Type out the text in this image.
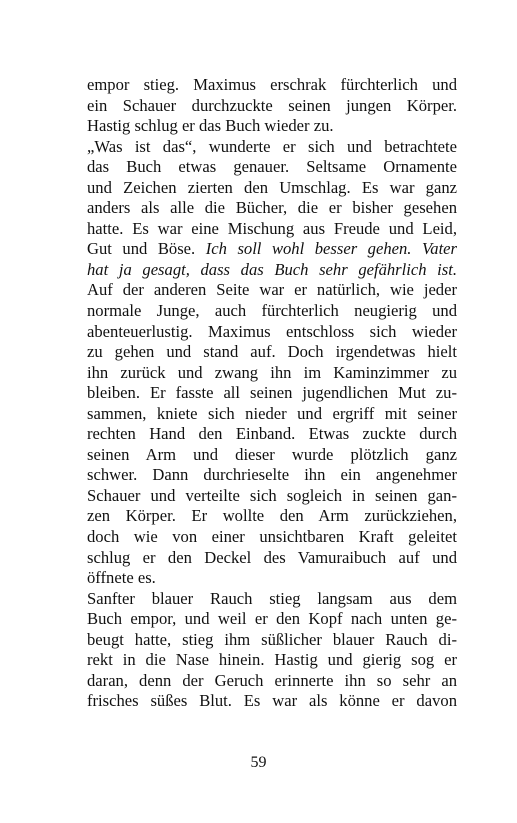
empor stieg. Maximus erschrak fürchterlich und
ein Schauer durchzuckte seinen jungen Körper.
Hastig schlug er das Buch wieder zu.
„Was ist das“, wunderte er sich und betrachtete
das Buch etwas genauer. Seltsame Ornamente
und Zeichen zierten den Umschlag. Es war ganz
anders als alle die Bücher, die er bisher gesehen
hatte. Es war eine Mischung aus Freude und Leid,
Gut und Böse. Ich soll wohl besser gehen. Vater
hat ja gesagt, dass das Buch sehr gefährlich ist.
Auf der anderen Seite war er natürlich, wie jeder
normale Junge, auch fürchterlich neugierig und
abenteuerlustig. Maximus entschloss sich wieder
zu gehen und stand auf. Doch irgendetwas hielt
ihn zurück und zwang ihn im Kaminzimmer zu
bleiben. Er fasste all seinen jugendlichen Mut zu-
sammen, kniete sich nieder und ergriff mit seiner
rechten Hand den Einband. Etwas zuckte durch
seinen Arm und dieser wurde plötzlich ganz
schwer. Dann durchrieselte ihn ein angenehmer
Schauer und verteilte sich sogleich in seinen gan-
zen Körper. Er wollte den Arm zurückziehen,
doch wie von einer unsichtbaren Kraft geleitet
schlug er den Deckel des Vamuraibuch auf und
öffnete es.
Sanfter blauer Rauch stieg langsam aus dem
Buch empor, und weil er den Kopf nach unten ge-
beugt hatte, stieg ihm süßlicher blauer Rauch di-
rekt in die Nase hinein. Hastig und gierig sog er
daran, denn der Geruch erinnerte ihn so sehr an
frisches süßes Blut. Es war als könne er davon
59
